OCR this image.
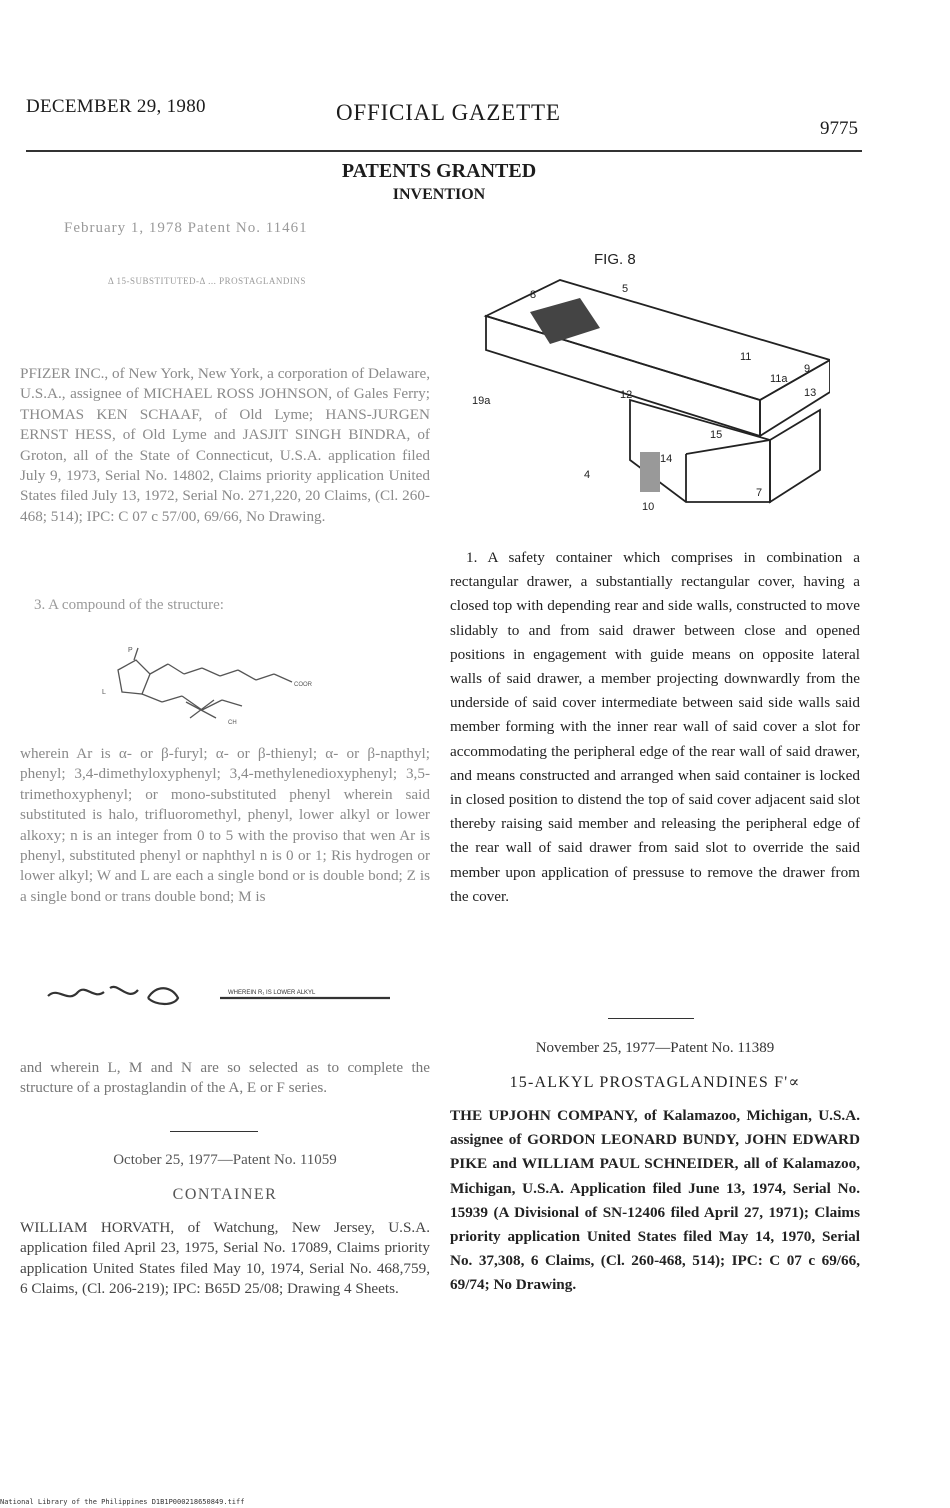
DECEMBER 29, 1980	OFFICIAL GAZETTE
9775
PATENTS GRANTED
INVENTION
February 1, 1978 Patent No. 11461
Δ 15-SUBSTITUTED-Δ ... PROSTAGLANDINS
PFIZER INC., of New York, New York, a corporation of Delaware, U.S.A., assignee of MICHAEL ROSS JOHNSON, of Gales Ferry; THOMAS KEN SCHAAF, of Old Lyme; HANS-JURGEN ERNST HESS, of Old Lyme and JASJIT SINGH BINDRA, of Groton, all of the State of Connecticut, U.S.A. application filed July 9, 1973, Serial No. 14802, Claims priority application United States filed July 13, 1972, Serial No. 271,220, 20 Claims, (Cl. 260-468; 514); IPC: C 07 c 57/00, 69/66, No Drawing.
3. A compound of the structure:
P
L
COOR
CH
wherein Ar is α- or β-furyl; α- or β-thienyl; α- or β-napthyl; phenyl; 3,4-dimethyloxyphenyl; 3,4-methylenedioxyphenyl; 3,5-trimethoxyphenyl; or mono-substituted phenyl wherein said substituted is halo, trifluoromethyl, phenyl, lower alkyl or lower alkoxy; n is an integer from 0 to 5 with the proviso that wen Ar is phenyl, substituted phenyl or naphthyl n is 0 or 1; Ris hydrogen or lower alkyl; W and L are each a single bond or is double bond; Z is a single bond or trans double bond; M is
WHEREIN R₁ IS LOWER ALKYL
and wherein L, M and N are so selected as to complete the structure of a prostaglandin of the A, E or F series.
October 25, 1977—Patent No. 11059
CONTAINER
WILLIAM HORVATH, of Watchung, New Jersey, U.S.A. application filed April 23, 1975, Serial No. 17089, Claims priority application United States filed May 10, 1974, Serial No. 468,759, 6 Claims, (Cl. 206-219); IPC: B65D 25/08; Drawing 4 Sheets.
FIG. 8
8	5
11
11a
9
13
19a	12
15
14
4
7
10
1. A safety container which comprises in combination a rectangular drawer, a substantially rectangular cover, having a closed top with depending rear and side walls, constructed to move slidably to and from said drawer between close and opened positions in engagement with guide means on opposite lateral walls of said drawer, a member projecting downwardly from the underside of said cover intermediate between said side walls said member forming with the inner rear wall of said cover a slot for accommodating the peripheral edge of the rear wall of said drawer, and means constructed and arranged when said container is locked in closed position to distend the top of said cover adjacent said slot thereby raising said member and releasing the peripheral edge of the rear wall of said drawer from said slot to override the said member upon application of pressuse to remove the drawer from the cover.
November 25, 1977—Patent No. 11389
15-ALKYL PROSTAGLANDINES F'∝
THE UPJOHN COMPANY, of Kalamazoo, Michigan, U.S.A. assignee of GORDON LEONARD BUNDY, JOHN EDWARD PIKE and WILLIAM PAUL SCHNEIDER, all of Kalamazoo, Michigan, U.S.A. Application filed June 13, 1974, Serial No. 15939 (A Divisional of SN-12406 filed April 27, 1971); Claims priority application United States filed May 14, 1970, Serial No. 37,308, 6 Claims, (Cl. 260-468, 514); IPC: C 07 c 69/66, 69/74; No Drawing.
National Library of the Philippines D1B1P000218650849.tiff
